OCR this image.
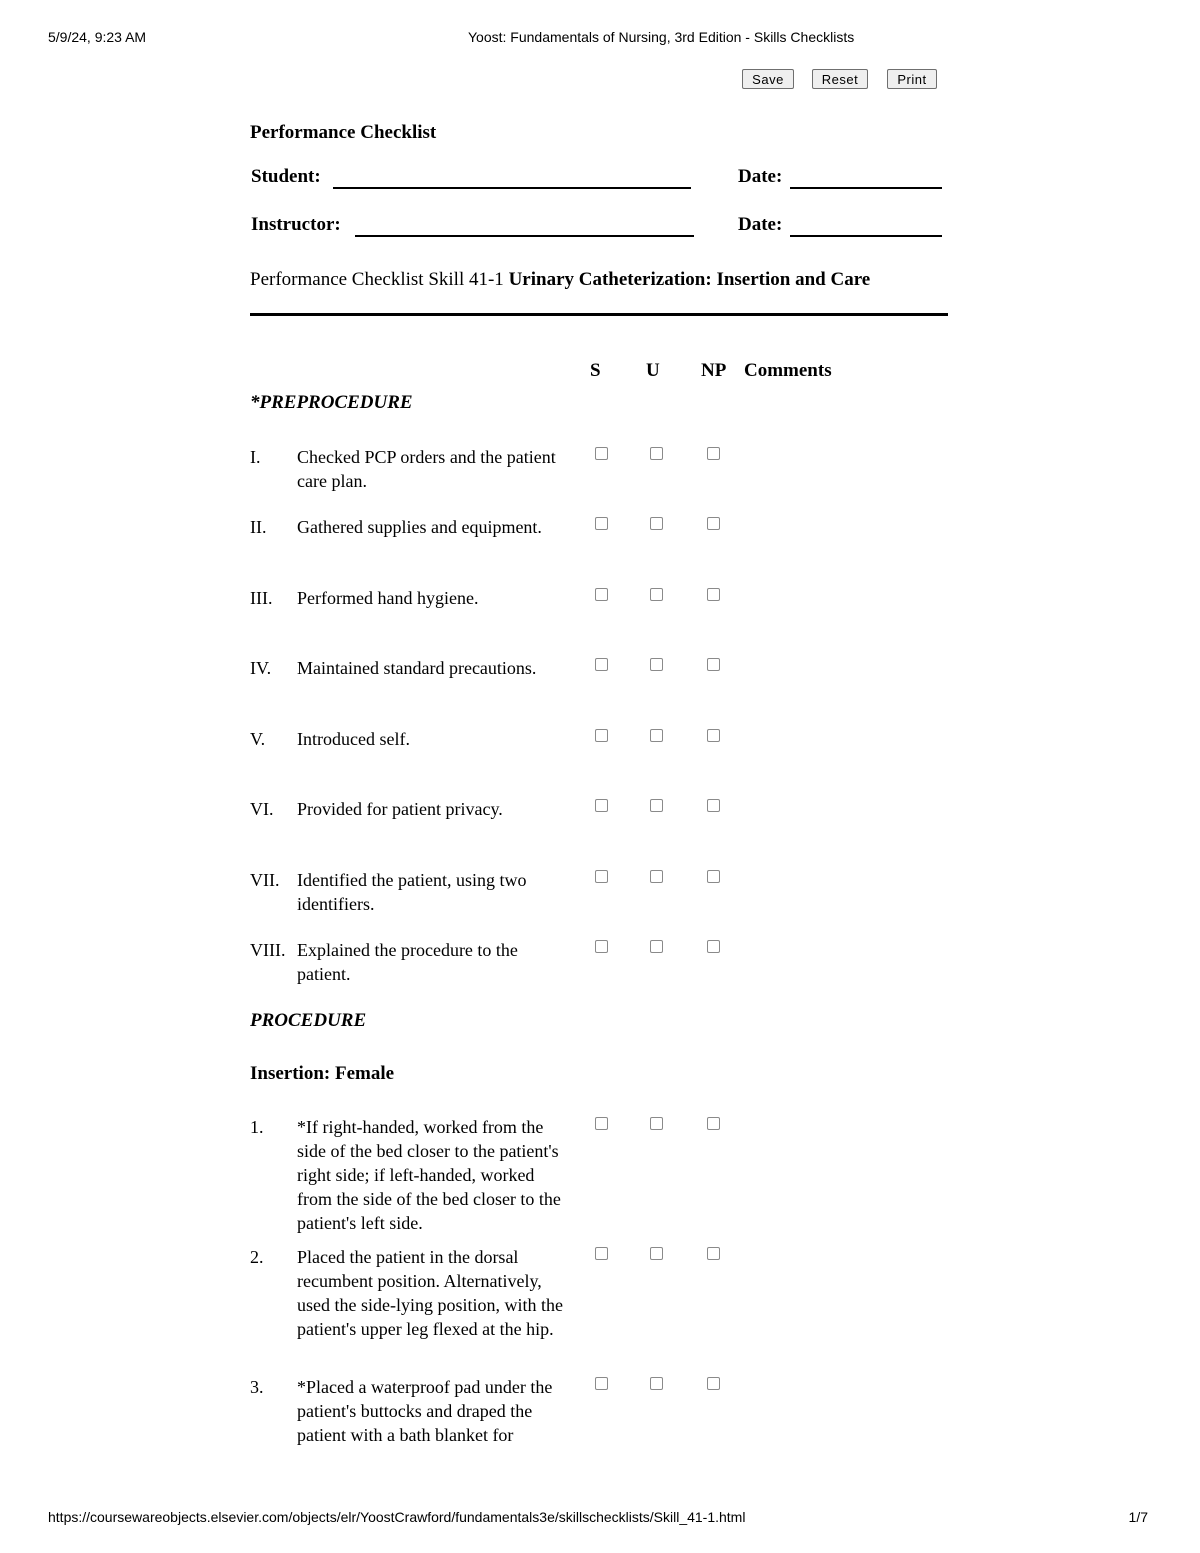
5/9/24, 9:23 AM	Yoost: Fundamentals of Nursing, 3rd Edition - Skills Checklists
Save	Reset	Print
Performance Checklist
Student:	Date:
Instructor:	Date:
Performance Checklist Skill 41-1 Urinary Catheterization: Insertion and Care
S U NP Comments
*PREPROCEDURE
I.	Checked PCP orders and the patient care plan.
II.	Gathered supplies and equipment.
III.	Performed hand hygiene.
IV.	Maintained standard precautions.
V.	Introduced self.
VI.	Provided for patient privacy.
VII. Identified the patient, using two identifiers.
VIII. Explained the procedure to the patient.
PROCEDURE
Insertion: Female
1.	*If right-handed, worked from the side of the bed closer to the patient's right side; if left-handed, worked from the side of the bed closer to the patient's left side.
2.	Placed the patient in the dorsal recumbent position. Alternatively, used the side-lying position, with the patient's upper leg flexed at the hip.
3.	*Placed a waterproof pad under the patient's buttocks and draped the patient with a bath blanket for
https://coursewareobjects.elsevier.com/objects/elr/YoostCrawford/fundamentals3e/skillschecklists/Skill_41-1.html	1/7
